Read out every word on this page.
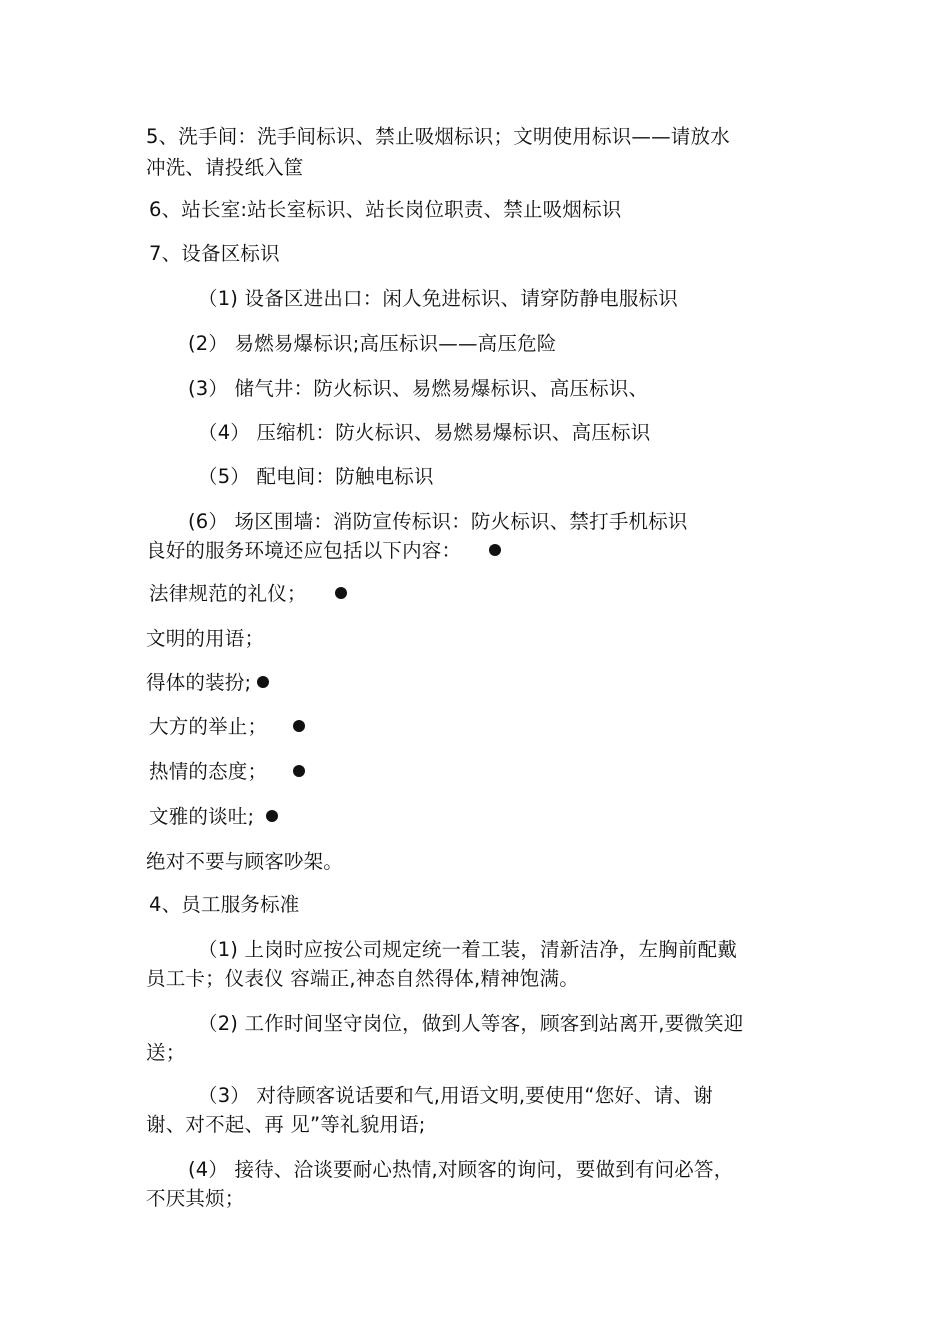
5、洗手间：洗手间标识、禁止吸烟标识；文明使用标识——请放水
冲洗、请投纸入筐
6、站长室:站长室标识、站长岗位职责、禁止吸烟标识
7、设备区标识
（1) 设备区进出口：闲人免进标识、请穿防静电服标识
(2） 易燃易爆标识;高压标识——高压危险
(3） 储气井：防火标识、易燃易爆标识、高压标识、
（4） 压缩机：防火标识、易燃易爆标识、高压标识
（5） 配电间：防触电标识
(6） 场区围墙：消防宣传标识：防火标识、禁打手机标识
良好的服务环境还应包括以下内容：
法律规范的礼仪；
文明的用语；
得体的装扮;
大方的举止；
热情的态度；
文雅的谈吐;
绝对不要与顾客吵架。
4、员工服务标准
（1) 上岗时应按公司规定统一着工装，清新洁净，左胸前配戴
员工卡；仪表仪 容端正,神态自然得体,精神饱满。
（2) 工作时间坚守岗位，做到人等客，顾客到站离开,要微笑迎
送；
（3） 对待顾客说话要和气,用语文明,要使用“您好、请、谢
谢、对不起、再 见”等礼貌用语;
(4） 接待、洽谈要耐心热情,对顾客的询问，要做到有问必答，
不厌其烦；
